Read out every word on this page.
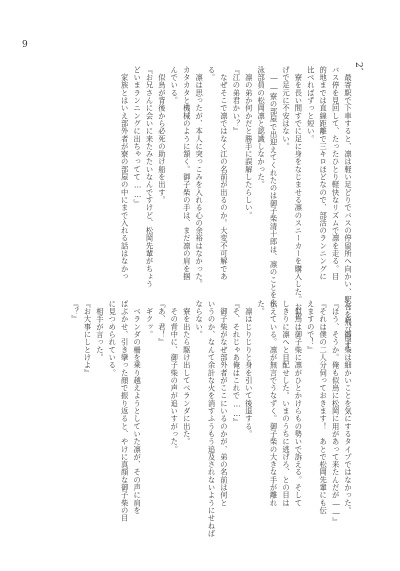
9
2、
　最寄駅で下車すると、凛は軽い足どりでバスの停留所へ向かい、駅舎を飛び出す。
バス停を見回して、たったひとり軽快なリズムで凛を走る。目
的地までは直線距離で三キロほどなので、部活のランニングに
比べればずっと短い。
　寮を長い間すでに足に身をなじませる凛のスニーカーを購入した。おか
げで足元に不安はない。
　――寮の部屋で出迎えてくれたのは御子柴清十郎は、凛のことを永
泳部員の松岡凛と認識しなかった。
　凛の弟か何かだと勝手に誤解したらしい。
『江の弟君かい？』
　なぜそこで凛ではなく江の名前が出るのか。大変不可解であ
る。
　凛は思ったが、本人に突っこみを入れる心の余裕はなかった。
カタカタと機械のように頷く。御子柴の手は、まだ凛の肩を掴
んでいる。
　似鳥が背後から必死の助け船を出す。
『お兄さんに会いに来たみたいなんですけど、松岡先輩がちょう
どいまランニングに出ちゃってて……』
　家族とはいえ部外者が寮の部屋の中にまで入れる話はなかっ
た。が、御子柴は細かいことを気にするタイプではなかった。
『ほう、そうか。俺も似鳥に松岡に用があって来たんだが――』
『それは僕の二人分伺っておきます！　あとで松岡先輩にも伝
えますので！』
　似鳥は御子柴に凛がひとかけらもの勢いで訴える。そして
しきりに凛へと目配せした。いまのうちに逃げろ、との目は
伝えている。凛が無言でうなずく。御子柴の大きな手が離れ
た。
　凛はじりじりと身を引いて後退する。
『そ、それじゃあ俺はこれで……』
　御子柴がなぜ部外者がここにいるのかが、弟の名前は何と
いうのか、なんて余計な火を消すふうもう追及されないようにせねば
ならない。
　寮を出たら駆け出してベランダに出た。
　その背中に、御子柴の声が追いすがった。
『あ、君！』
　ギクッ。
　ベランダの柵を乗り越えようとしていた凛が、その声に肩を
ばぶかせ、引き攣った顔で振り返ると、やけに真顔な御子柴の目
に見つめられている。
　相手が言った。
『お大事にしとけよ』
『？』
